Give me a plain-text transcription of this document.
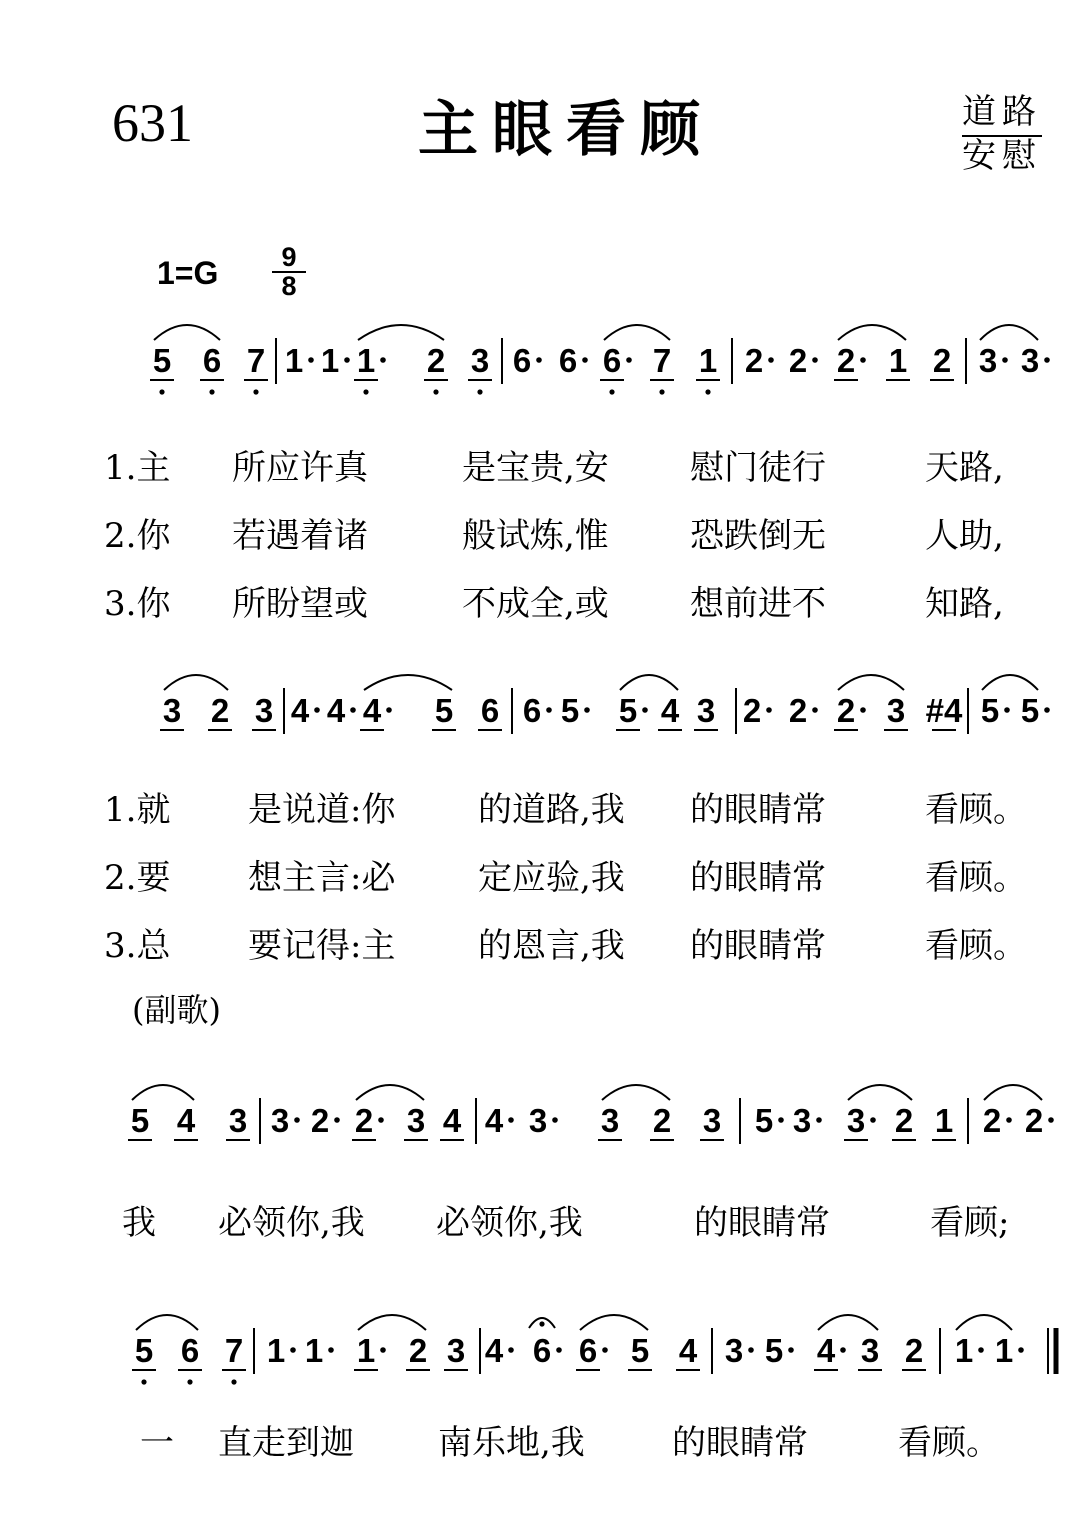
631	主眼看顾	道路
安慰
$1=G \frac{9}{8}$
5 6 7 1 1 1 2 3 6 6 6 7 1 2 2 2 1 2 3 3
1.主 所应许真	是宝贵,安 慰门徒行	天路,
2.你 若遇着诸	般试炼,惟 恐跌倒无	人助,
3.你 所盼望或	不成全,或 想前进不	知路,
3 2 3 4 4 4 5 6 6 5 5 4 3 2 2 2 3 #4 5 5
1.就 是说道:你 的道路,我 的眼睛常	看顾。
2.要 想主言:必 定应验,我 的眼睛常	看顾。
3.总 要记得:主 的恩言,我 的眼睛常	看顾。
(副歌)
5 4 3 3 2 2 3 4 4 3 3 2 3 5 3 3 2 1 2 2
我 必领你,我 必领你,我	的眼睛常	看顾;
5 6 7 1 1 1 2 3 4 6 6 5 4 3 5 4 3 2 1 1
一 直走到迦 南乐地,我	的眼睛常	看顾。
